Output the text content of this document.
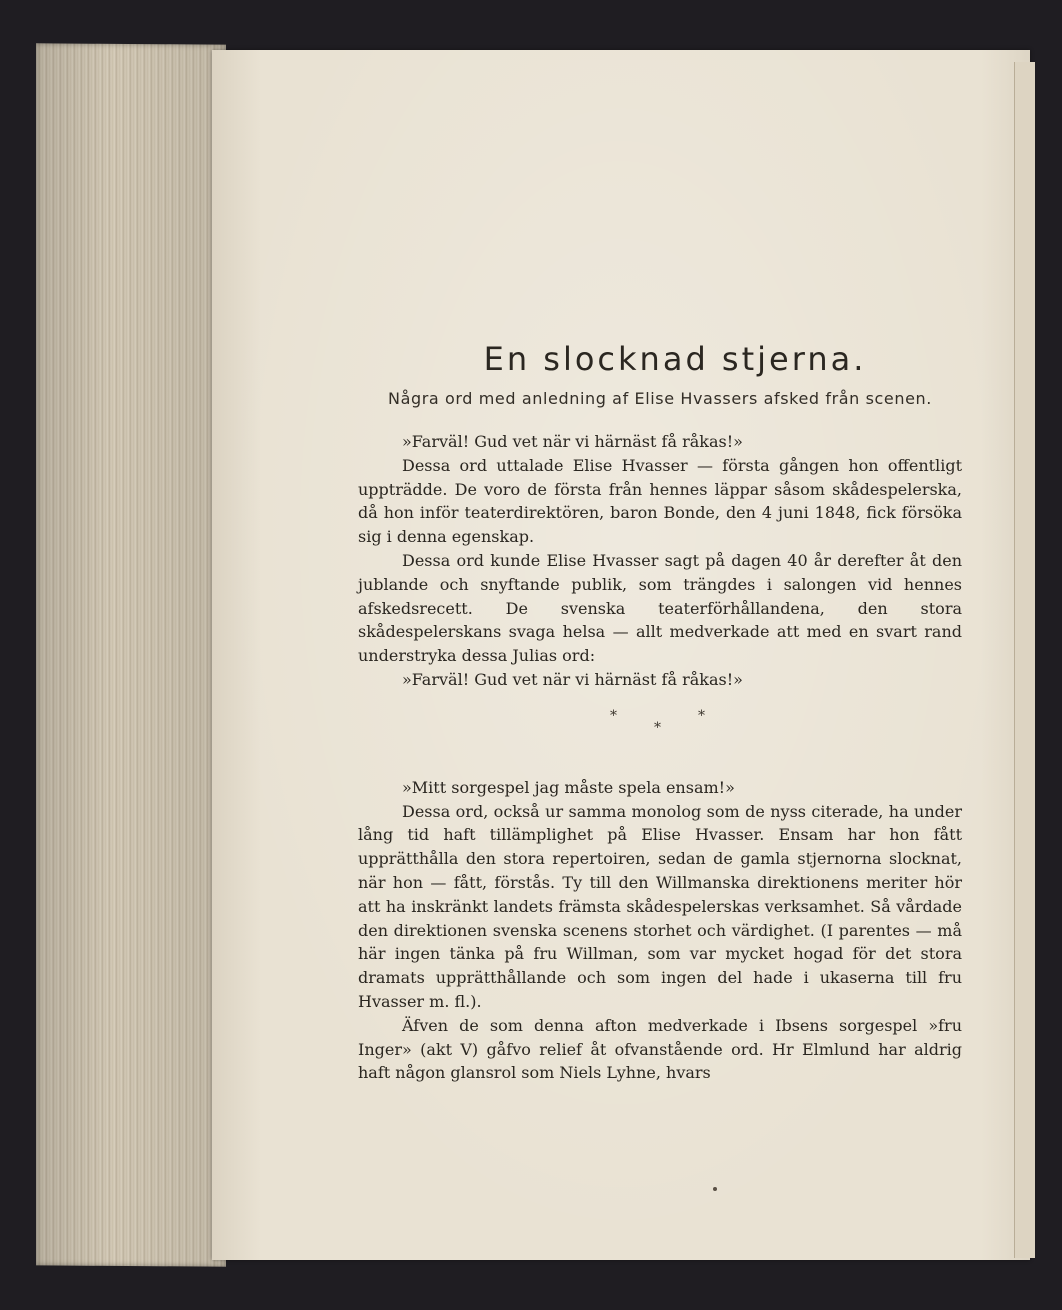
En slocknad stjerna.
Några ord med anledning af Elise Hvassers afsked från scenen.

»Farväl! Gud vet när vi härnäst få råkas!»

Dessa ord uttalade Elise Hvasser — första gången hon offentligt uppträdde. De voro de första från hennes läppar såsom skådespelerska, då hon inför teaterdirektören, baron Bonde, den 4 juni 1848, fick försöka sig i denna egenskap.

Dessa ord kunde Elise Hvasser sagt på dagen 40 år derefter åt den jublande och snyftande publik, som trängdes i salongen vid hennes afskedsrecett. De svenska teaterförhållandena, den stora skådespelerskans svaga helsa — allt medverkade att med en svart rand understryka dessa Julias ord:

»Farväl! Gud vet när vi härnäst få råkas!»

*
*
*

»Mitt sorgespel jag måste spela ensam!»

Dessa ord, också ur samma monolog som de nyss citerade, ha under lång tid haft tillämplighet på Elise Hvasser. Ensam har hon fått upprätthålla den stora repertoiren, sedan de gamla stjernorna slocknat, när hon — fått, förstås. Ty till den Willmanska direktionens meriter hör att ha inskränkt landets främsta skådespelerskas verksamhet. Så vårdade den direktionen svenska scenens storhet och värdighet. (I parentes — må här ingen tänka på fru Willman, som var mycket hogad för det stora dramats upprätthållande och som ingen del hade i ukaserna till fru Hvasser m. fl.).

Äfven de som denna afton medverkade i Ibsens sorgespel »fru Inger» (akt V) gåfvo relief åt ofvanstående ord. Hr Elmlund har aldrig haft någon glansrol som Niels Lyhne, hvars
